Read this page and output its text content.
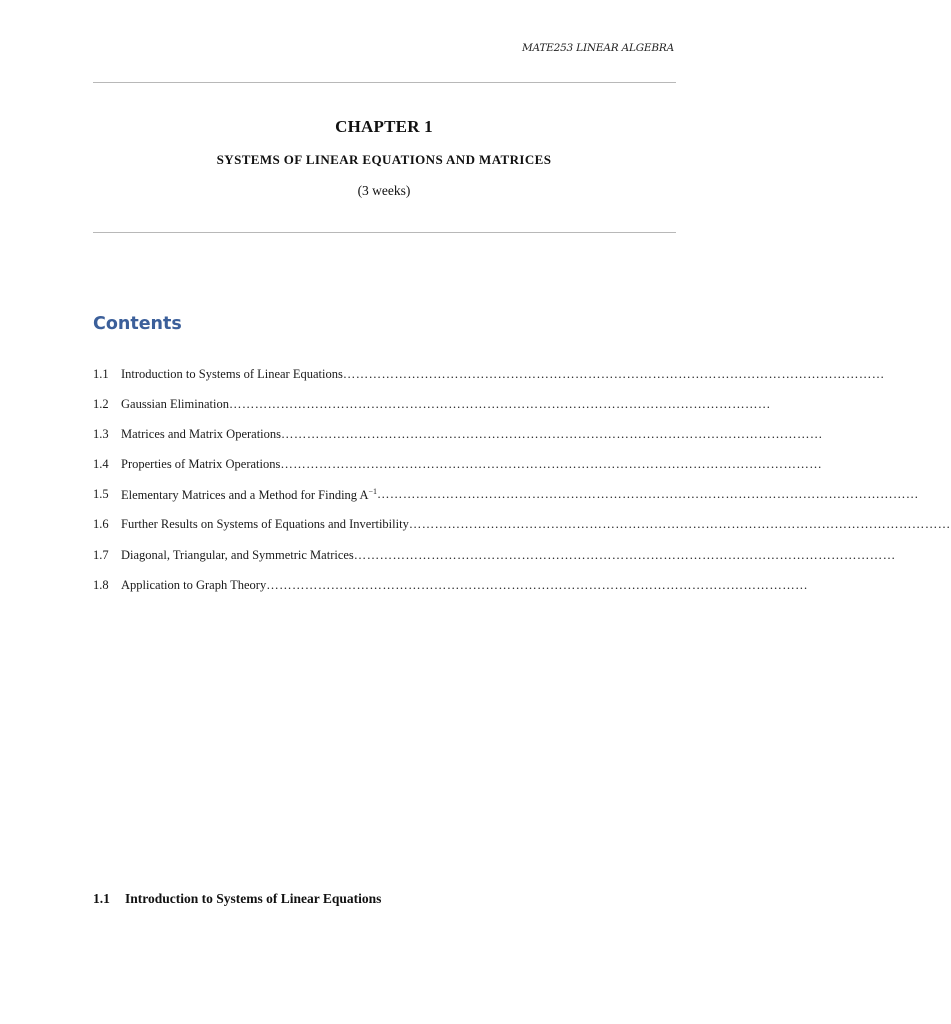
MATE253 LINEAR ALGEBRA
CHAPTER 1
SYSTEMS OF LINEAR EQUATIONS AND MATRICES
(3 weeks)
Contents
1.1 Introduction to Systems of Linear Equations ………………………………………………………………………………………………………………
1.2 Gaussian Elimination ………………………………………………………………………………………………………………
1.3 Matrices and Matrix Operations ………………………………………………………………………………………………………………
1.4 Properties of Matrix Operations ………………………………………………………………………………………………………………
1.5 Elementary Matrices and a Method for Finding $A^{-1}$ ………………………………………………………………………………………………………………
1.6 Further Results on Systems of Equations and Invertibility ………………………………………………………………………………………………………………
1.7 Diagonal, Triangular, and Symmetric Matrices ………………………………………………………………………………………………………………
1.8 Application to Graph Theory ………………………………………………………………………………………………………………
1.1 Introduction to Systems of Linear Equations
